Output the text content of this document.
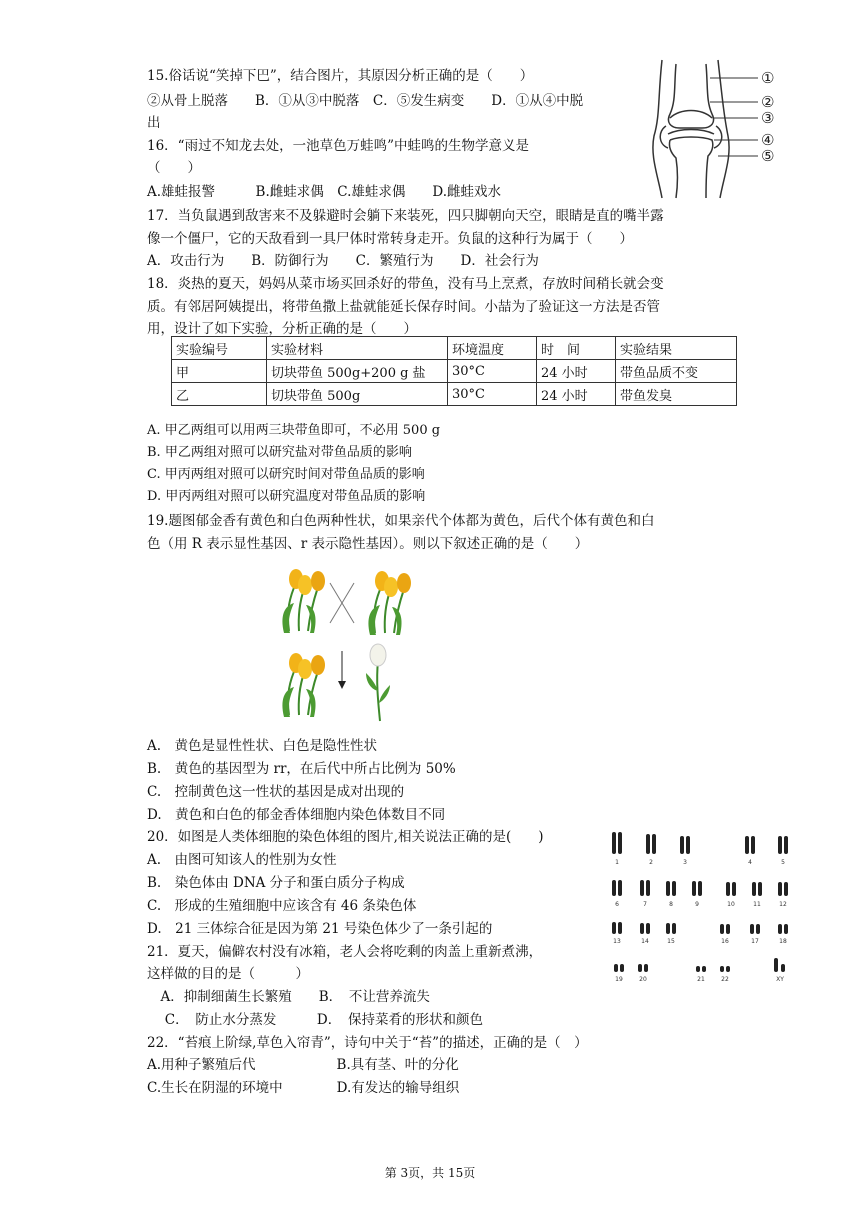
15.俗话说“笑掉下巴”，结合图片，其原因分析正确的是（　　）
②从骨上脱落　　B．①从③中脱落　C．⑤发生病变　　D．①从④中脱
出
①
②
③
④
⑤
16．“雨过不知龙去处，一池草色万蛙鸣”中蛙鸣的生物学意义是
（　　）
A.雄蛙报警　　　B.雌蛙求偶　C.雄蛙求偶　　D.雌蛙戏水
17．当负鼠遇到敌害来不及躲避时会躺下来装死，四只脚朝向天空，眼睛是直的嘴半露
像一个僵尸，它的天敌看到一具尸体时常转身走开。负鼠的这种行为属于（　　）
A．攻击行为　　B．防御行为　　C．繁殖行为　　D．社会行为
18．炎热的夏天，妈妈从菜市场买回杀好的带鱼，没有马上烹煮，存放时间稍长就会变
质。有邻居阿姨提出，将带鱼撒上盐就能延长保存时间。小喆为了验证这一方法是否管
用，设计了如下实验，分析正确的是（　　）
实验编号	实验材料	环境温度	时　间	实验结果
甲	切块带鱼 500g+200 g 盐	30°C	24 小时	带鱼品质不变
乙	切块带鱼 500g	30°C	24 小时	带鱼发臭
A. 甲乙两组可以用两三块带鱼即可，不必用 500 g
B. 甲乙两组对照可以研究盐对带鱼品质的影响
C. 甲丙两组对照可以研究时间对带鱼品质的影响
D. 甲丙两组对照可以研究温度对带鱼品质的影响
19.题图郁金香有黄色和白色两种性状，如果亲代个体都为黄色，后代个体有黄色和白
色（用 R 表示显性基因、r 表示隐性基因）。则以下叙述正确的是（　　）
A.　黄色是显性性状、白色是隐性性状
B.　黄色的基因型为 rr，在后代中所占比例为 50%
C.　控制黄色这一性状的基因是成对出现的
D.　黄色和白色的郁金香体细胞内染色体数目不同
20．如图是人类体细胞的染色体组的图片,相关说法正确的是(　　)
A.　由图可知该人的性别为女性
B.　染色体由 DNA 分子和蛋白质分子构成
C.　形成的生殖细胞中应该含有 46 条染色体
D.　21 三体综合征是因为第 21 号染色体少了一条引起的
1	2	3	4	5
6	7	8	9	10	11	12
13	14	15	16	17	18
19	20	21	22	XY
21．夏天，偏僻农村没有冰箱，老人会将吃剩的肉盖上重新煮沸，
这样做的目的是（　　　）
　A．抑制细菌生长繁殖　　B．　不让营养流失
　 C．　防止水分蒸发　　　D．　保持菜肴的形状和颜色
22．“苔痕上阶绿,草色入帘青”，诗句中关于“苔”的描述，正确的是（　）
A.用种子繁殖后代　　　　　　B.具有茎、叶的分化
C.生长在阴湿的环境中　　　　D.有发达的输导组织
第 3页，共 15页
